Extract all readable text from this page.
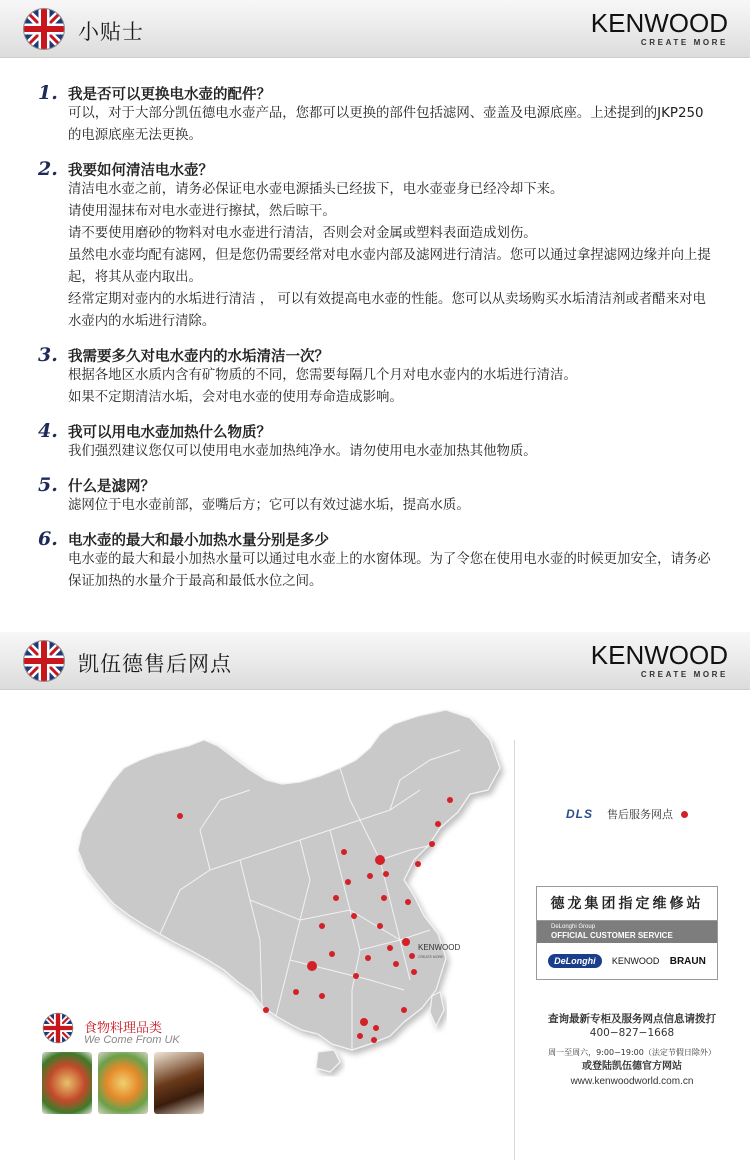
小贴士	KENWOOD
CREATE MORE
1. 我是否可以更换电水壶的配件？

可以，对于大部分凯伍德电水壶产品，您都可以更换的部件包括滤网、壶盖及电源底座。上述提到的JKP250 的电源底座无法更换。

2. 我要如何清洁电水壶？

清洁电水壶之前，请务必保证电水壶电源插头已经拔下，电水壶壶身已经冷却下来。

请使用湿抹布对电水壶进行擦拭，然后晾干。

请不要使用磨砂的物料对电水壶进行清洁，否则会对金属或塑料表面造成划伤。

虽然电水壶均配有滤网，但是您仍需要经常对电水壶内部及滤网进行清洁。您可以通过拿捏滤网边缘并向上提起，将其从壶内取出。

经常定期对壶内的水垢进行清洁 ， 可以有效提高电水壶的性能。您可以从卖场购买水垢清洁剂或者醋来对电水壶内的水垢进行清除。

3. 我需要多久对电水壶内的水垢清洁一次？

根据各地区水质内含有矿物质的不同，您需要每隔几个月对电水壶内的水垢进行清洁。

如果不定期清洁水垢，会对电水壶的使用寿命造成影响。

4. 我可以用电水壶加热什么物质？

我们强烈建议您仅可以使用电水壶加热纯净水。请勿使用电水壶加热其他物质。

5. 什么是滤网？

滤网位于电水壶前部，壶嘴后方；它可以有效过滤水垢，提高水质。

6. 电水壶的最大和最小加热水量分别是多少

电水壶的最大和最小加热水量可以通过电水壶上的水窗体现。为了令您在使用电水壶的时候更加安全，请务必保证加热的水量介于最高和最低水位之间。

凯伍德售后网点	KENWOOD
CREATE MORE
KENWOOD
CREATE MORE
食物料理品类
We Come From UK
DLS 售后服务网点
德龙集团指定维修站
DeLonghi Group
OFFICIAL CUSTOMER SERVICE
DeLonghi	KENWOOD BRAUN
查询最新专柜及服务网点信息请拨打
400−827−1668
周一至周六，9:00−19:00（法定节假日除外）
或登陆凯伍德官方网站
www.kenwoodworld.com.cn
